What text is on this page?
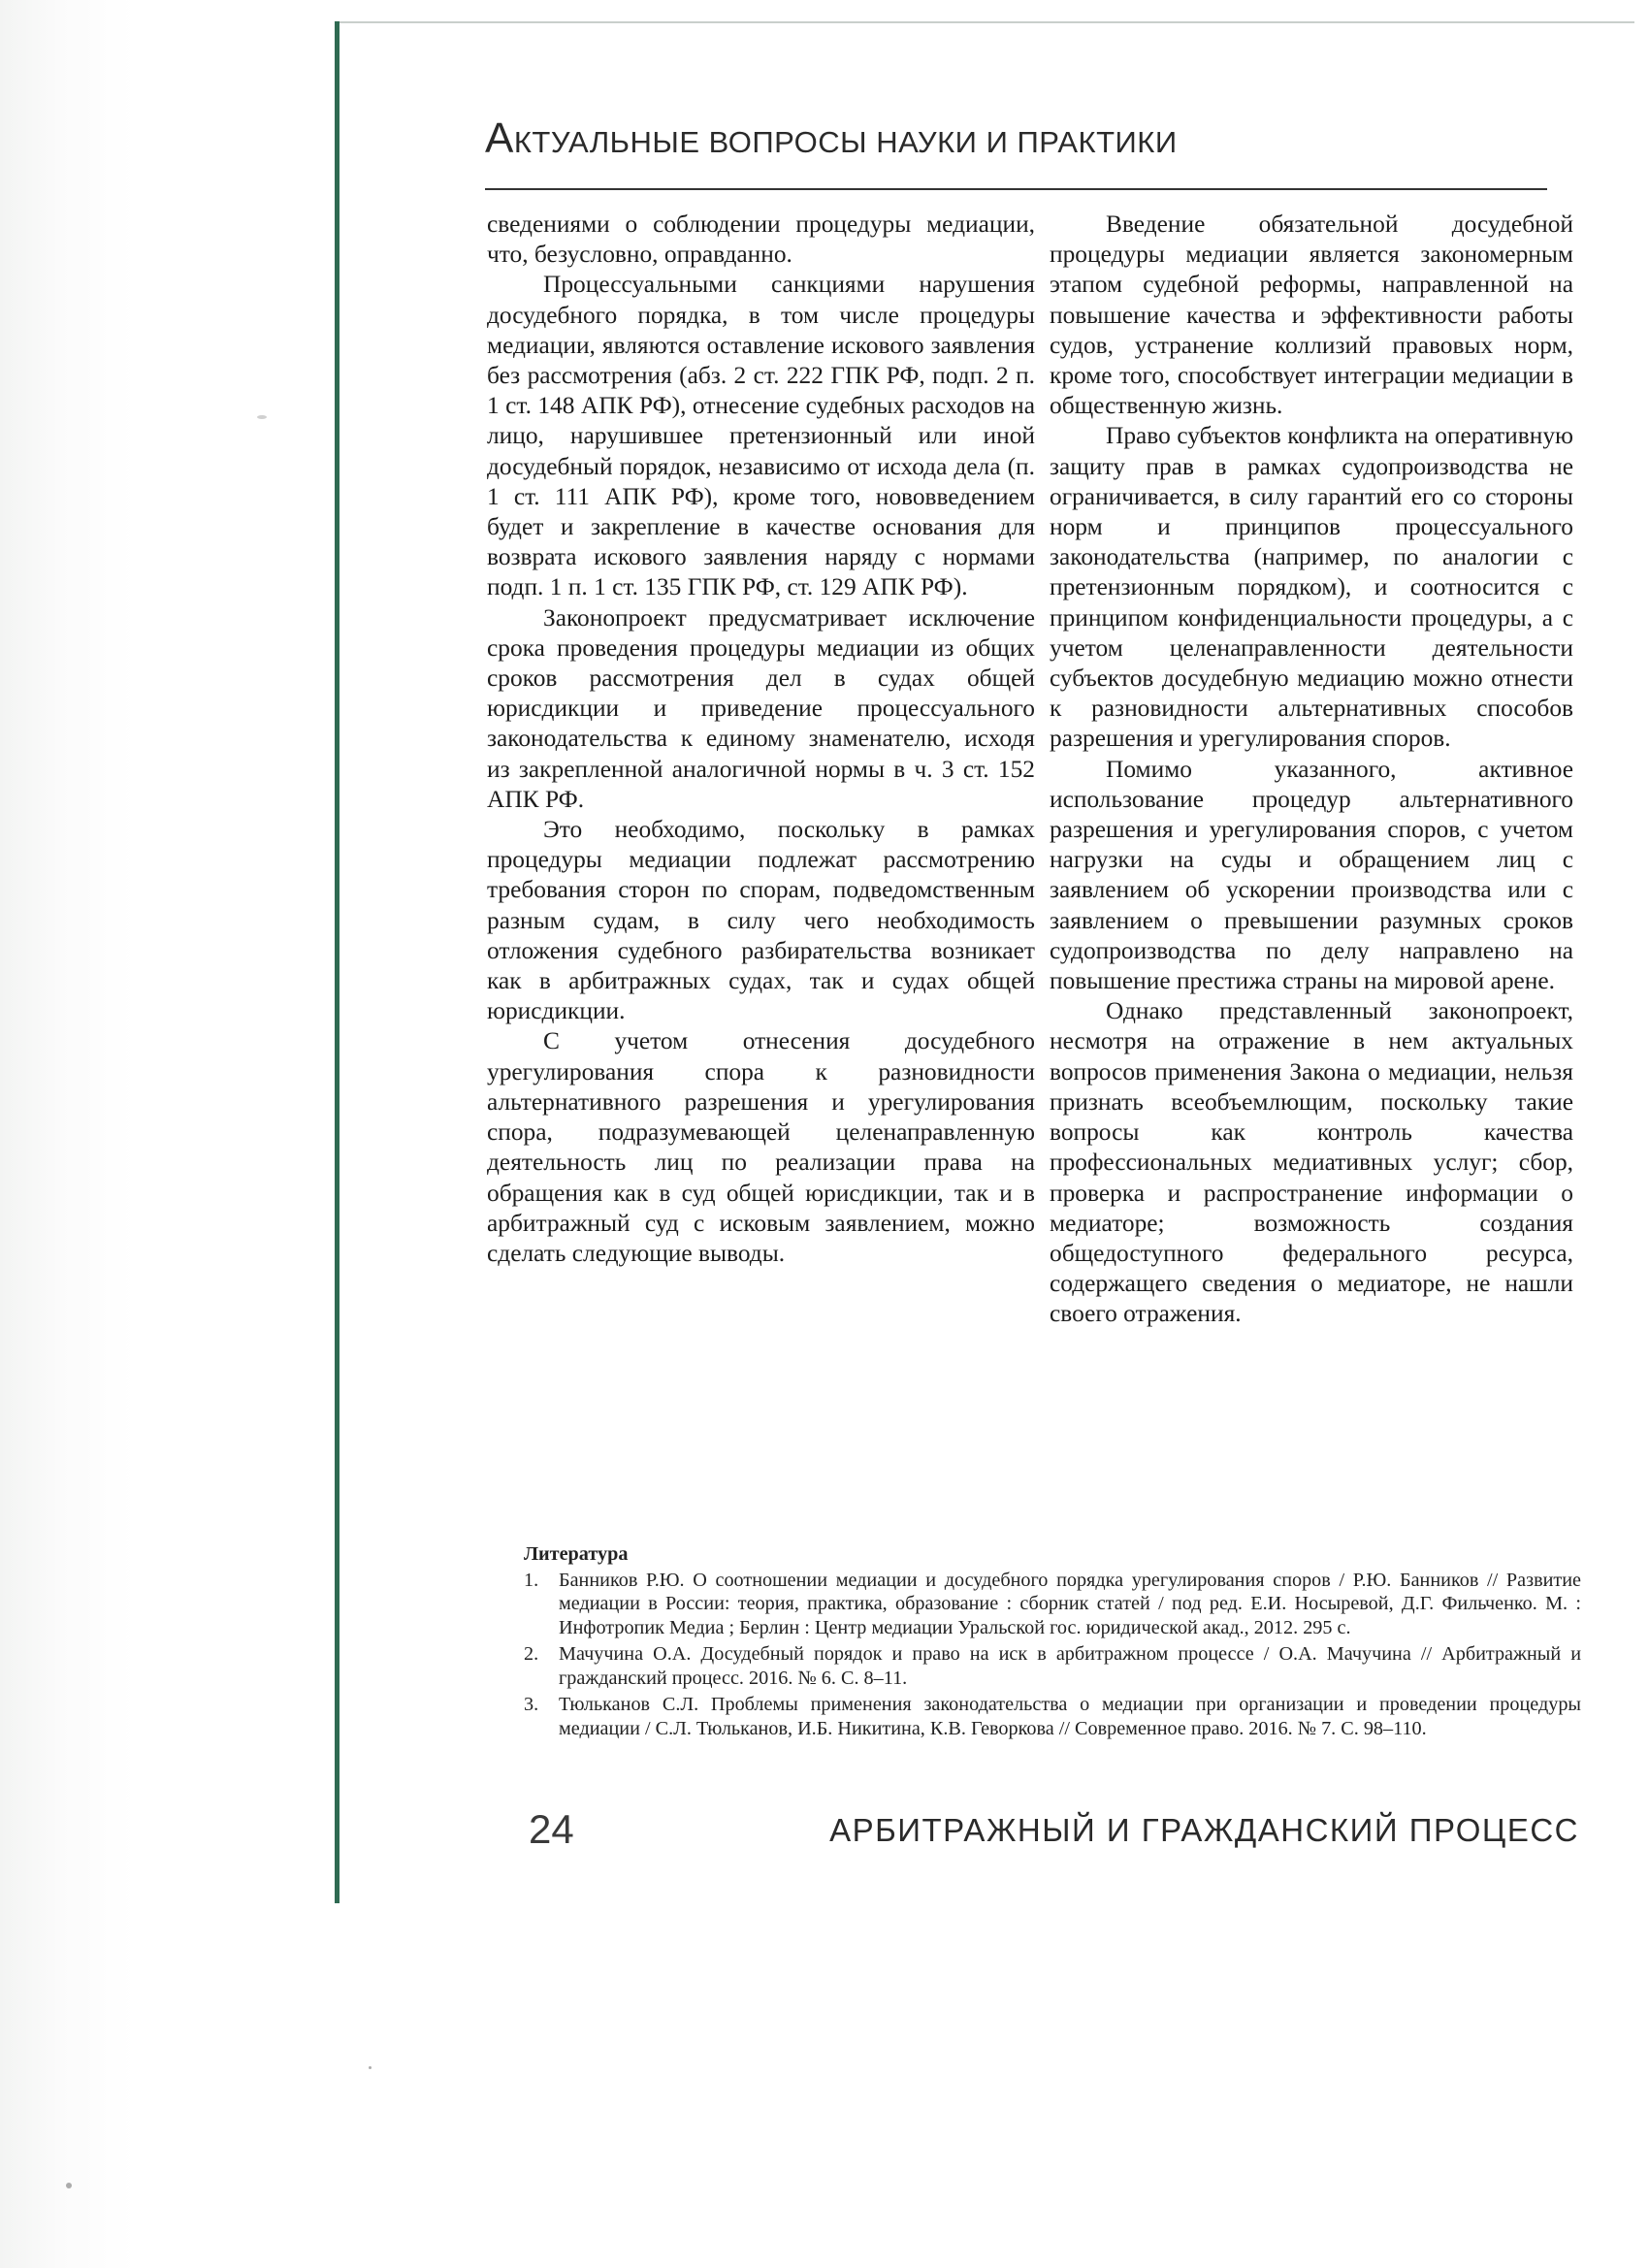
АКТУАЛЬНЫЕ ВОПРОСЫ НАУКИ И ПРАКТИКИ

сведениями о соблюдении процедуры медиации, что, безусловно, оправданно.

Процессуальными санкциями нарушения досудебного порядка, в том числе процедуры медиации, являются оставление искового заявления без рассмотрения (абз. 2 ст. 222 ГПК РФ, подп. 2 п. 1 ст. 148 АПК РФ), отнесение судебных расходов на лицо, нарушившее претензионный или иной досудебный порядок, независимо от исхода дела (п. 1 ст. 111 АПК РФ), кроме того, нововведением будет и закрепление в качестве основания для возврата искового заявления наряду с нормами подп. 1 п. 1 ст. 135 ГПК РФ, ст. 129 АПК РФ).

Законопроект предусматривает исключение срока проведения процедуры медиации из общих сроков рассмотрения дел в судах общей юрисдикции и приведение процессуального законодательства к единому знаменателю, исходя из закрепленной аналогичной нормы в ч. 3 ст. 152 АПК РФ.

Это необходимо, поскольку в рамках процедуры медиации подлежат рассмотрению требования сторон по спорам, подведомственным разным судам, в силу чего необходимость отложения судебного разбирательства возникает как в арбитражных судах, так и судах общей юрисдикции.

С учетом отнесения досудебного урегулирования спора к разновидности альтернативного разрешения и урегулирования спора, подразумевающей целенаправленную деятельность лиц по реализации права на обращения как в суд общей юрисдикции, так и в арбитражный суд с исковым заявлением, можно сделать следующие выводы.

Введение обязательной досудебной процедуры медиации является закономерным этапом судебной реформы, направленной на повышение качества и эффективности работы судов, устранение коллизий правовых норм, кроме того, способствует интеграции медиации в общественную жизнь.

Право субъектов конфликта на оперативную защиту прав в рамках судопроизводства не ограничивается, в силу гарантий его со стороны норм и принципов процессуального законодательства (например, по аналогии с претензионным порядком), и соотносится с принципом конфиденциальности процедуры, а с учетом целенаправленности деятельности субъектов досудебную медиацию можно отнести к разновидности альтернативных способов разрешения и урегулирования споров.

Помимо указанного, активное использование процедур альтернативного разрешения и урегулирования споров, с учетом нагрузки на суды и обращением лиц с заявлением об ускорении производства или с заявлением о превышении разумных сроков судопроизводства по делу направлено на повышение престижа страны на мировой арене.

Однако представленный законопроект, несмотря на отражение в нем актуальных вопросов применения Закона о медиации, нельзя признать всеобъемлющим, поскольку такие вопросы как контроль качества профессиональных медиативных услуг; сбор, проверка и распространение информации о медиаторе; возможность создания общедоступного федерального ресурса, содержащего сведения о медиаторе, не нашли своего отражения.

Литература
1.	Банников Р.Ю. О соотношении медиации и досудебного порядка урегулирования споров / Р.Ю. Банников // Развитие медиации в России: теория, практика, образование : сборник статей / под ред. Е.И. Носыревой, Д.Г. Фильченко. М. : Инфотропик Медиа ; Берлин : Центр медиации Уральской гос. юридической акад., 2012. 295 с.
2.	Мачучина О.А. Досудебный порядок и право на иск в арбитражном процессе / О.А. Мачучина // Арбитражный и гражданский процесс. 2016. № 6. С. 8–11.
3.	Тюльканов С.Л. Проблемы применения законодательства о медиации при организации и проведении процедуры медиации / С.Л. Тюльканов, И.Б. Никитина, К.В. Геворкова // Современное право. 2016. № 7. С. 98–110.
24	АРБИТРАЖНЫЙ И ГРАЖДАНСКИЙ ПРОЦЕСС
